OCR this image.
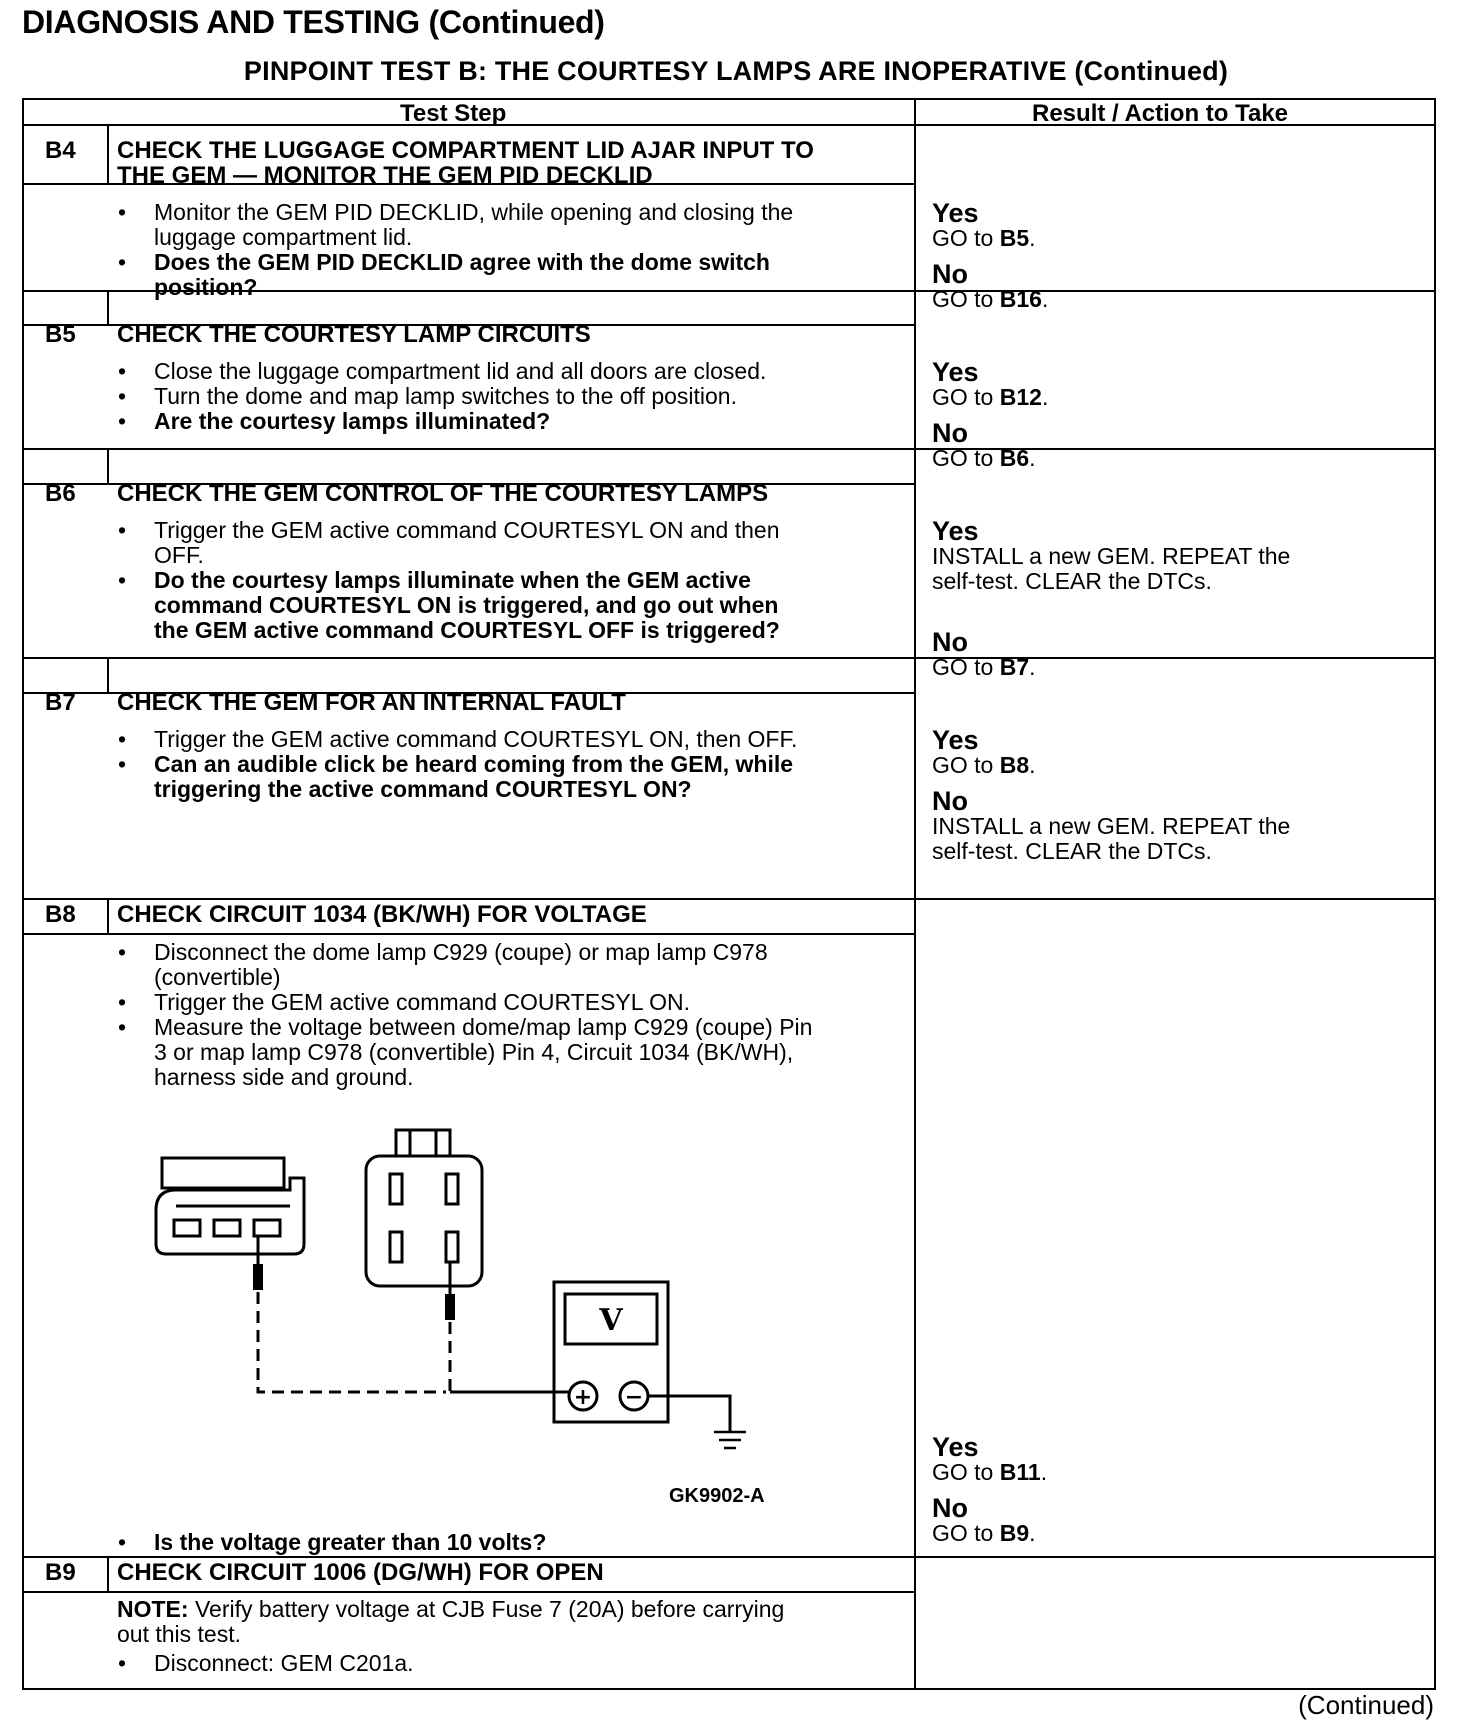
DIAGNOSIS AND TESTING (Continued)
PINPOINT TEST B: THE COURTESY LAMPS ARE INOPERATIVE (Continued)
Test Step	Result / Action to Take
B4 CHECK THE LUGGAGE COMPARTMENT LID AJAR INPUT TO
THE GEM — MONITOR THE GEM PID DECKLID
• Monitor the GEM PID DECKLID, while opening and closing the
luggage compartment lid.
• Does the GEM PID DECKLID agree with the dome switch
position?
Yes
GO to B5.
No
GO to B16.
B5 CHECK THE COURTESY LAMP CIRCUITS
• Close the luggage compartment lid and all doors are closed.
• Turn the dome and map lamp switches to the off position.
• Are the courtesy lamps illuminated?
Yes
GO to B12.
No
GO to B6.
B6 CHECK THE GEM CONTROL OF THE COURTESY LAMPS
• Trigger the GEM active command COURTESYL ON and then
OFF.
• Do the courtesy lamps illuminate when the GEM active
command COURTESYL ON is triggered, and go out when
the GEM active command COURTESYL OFF is triggered?
Yes
INSTALL a new GEM. REPEAT the
self-test. CLEAR the DTCs.
No
GO to B7.
B7 CHECK THE GEM FOR AN INTERNAL FAULT
• Trigger the GEM active command COURTESYL ON, then OFF.
• Can an audible click be heard coming from the GEM, while
triggering the active command COURTESYL ON?
Yes
GO to B8.
No
INSTALL a new GEM. REPEAT the
self-test. CLEAR the DTCs.
B8 CHECK CIRCUIT 1034 (BK/WH) FOR VOLTAGE
• Disconnect the dome lamp C929 (coupe) or map lamp C978
(convertible)
• Trigger the GEM active command COURTESYL ON.
• Measure the voltage between dome/map lamp C929 (coupe) Pin
3 or map lamp C978 (convertible) Pin 4, Circuit 1034 (BK/WH),
harness side and ground.
V
+ −
GK9902-A
• Is the voltage greater than 10 volts?
Yes
GO to B11.
No
GO to B9.
B9 CHECK CIRCUIT 1006 (DG/WH) FOR OPEN
NOTE: Verify battery voltage at CJB Fuse 7 (20A) before carrying
out this test.
• Disconnect: GEM C201a.
(Continued)
